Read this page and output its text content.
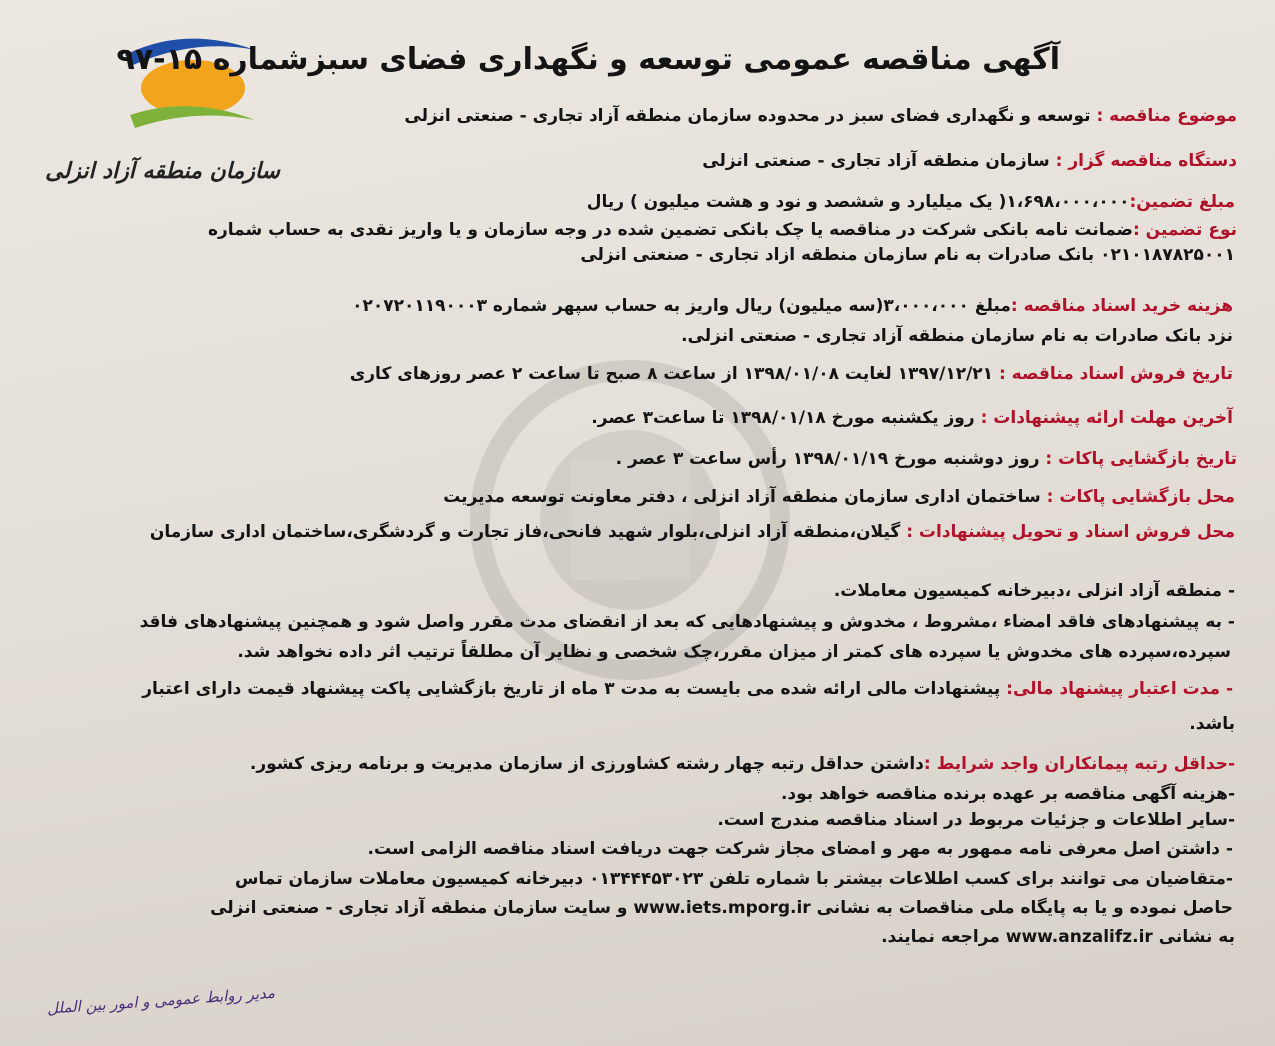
سازمان منطقه آزاد انزلی
آگهی مناقصه عمومی توسعه و نگهداری فضای سبزشماره ۱۵-۹۷
موضوع مناقصه : توسعه و نگهداری فضای سبز در محدوده سازمان منطقه آزاد تجاری - صنعتی انزلی
دستگاه مناقصه گزار : سازمان منطقه آزاد تجاری - صنعتی انزلی
مبلغ تضمین:۱،۶۹۸،۰۰۰،۰۰۰( یک میلیارد و ششصد و نود و هشت میلیون ) ریال
نوع تضمین :ضمانت نامه بانکی شرکت در مناقصه یا چک بانکی تضمین شده در وجه سازمان و یا واریز نقدی به حساب شماره
۰۲۱۰۱۸۷۸۲۵۰۰۱ بانک صادرات به نام سازمان منطقه ازاد تجاری - صنعتی انزلی
هزینه خرید اسناد مناقصه :مبلغ ۳،۰۰۰،۰۰۰(سه میلیون) ریال واریز به حساب سپهر شماره ۰۲۰۷۲۰۱۱۹۰۰۰۳
نزد بانک صادرات به نام سازمان منطقه آزاد تجاری - صنعتی انزلی.
تاریخ فروش اسناد مناقصه : ۱۳۹۷/۱۲/۲۱ لغایت ۱۳۹۸/۰۱/۰۸ از ساعت ۸ صبح تا ساعت ۲ عصر روزهای کاری
آخرین مهلت ارائه پیشنهادات : روز یکشنبه مورخ ۱۳۹۸/۰۱/۱۸ تا ساعت۳ عصر.
تاریخ بازگشایی پاکات : روز دوشنبه مورخ ۱۳۹۸/۰۱/۱۹ رأس ساعت ۳ عصر .
محل بازگشایی پاکات : ساختمان اداری سازمان منطقه آزاد انزلی ، دفتر معاونت توسعه مدیریت
محل فروش اسناد و تحویل پیشنهادات : گیلان،منطقه آزاد انزلی،بلوار شهید فانحی،فاز تجارت و گردشگری،ساختمان اداری سازمان
- منطقه آزاد انزلی ،دبیرخانه کمیسیون معاملات.
- به پیشنهادهای فاقد امضاء ،مشروط ، مخدوش و پیشنهادهایی که بعد از انقضای مدت مقرر واصل شود و همچنین پیشنهادهای فاقد
سپرده،سپرده های مخدوش یا سپرده های کمتر از میزان مقرر،چک شخصی و نظایر آن مطلقاً ترتیب اثر داده نخواهد شد.
- مدت اعتبار پیشنهاد مالی: پیشنهادات مالی ارائه شده می بایست به مدت ۳ ماه از تاریخ بازگشایی پاکت پیشنهاد قیمت دارای اعتبار
باشد.
-حداقل رتبه پیمانکاران واجد شرایط :داشتن حداقل رتبه چهار رشته کشاورزی از سازمان مدیریت و برنامه ریزی کشور.
-هزینه آگهی مناقصه بر عهده برنده مناقصه خواهد بود.
-سایر اطلاعات و جزئیات مربوط در اسناد مناقصه مندرج است.
- داشتن اصل معرفی نامه ممهور به مهر و امضای مجاز شرکت جهت دریافت اسناد مناقصه الزامی است.
-متقاضیان می توانند برای کسب اطلاعات بیشتر با شماره تلفن ۰۱۳۴۴۴۵۳۰۲۳ دبیرخانه کمیسیون معاملات سازمان تماس
حاصل نموده و یا به پایگاه ملی مناقصات به نشانی www.iets.mporg.ir و سایت سازمان منطقه آزاد تجاری - صنعتی انزلی
به نشانی www.anzalifz.ir مراجعه نمایند.
مدیر روابط عمومی و امور بین الملل
